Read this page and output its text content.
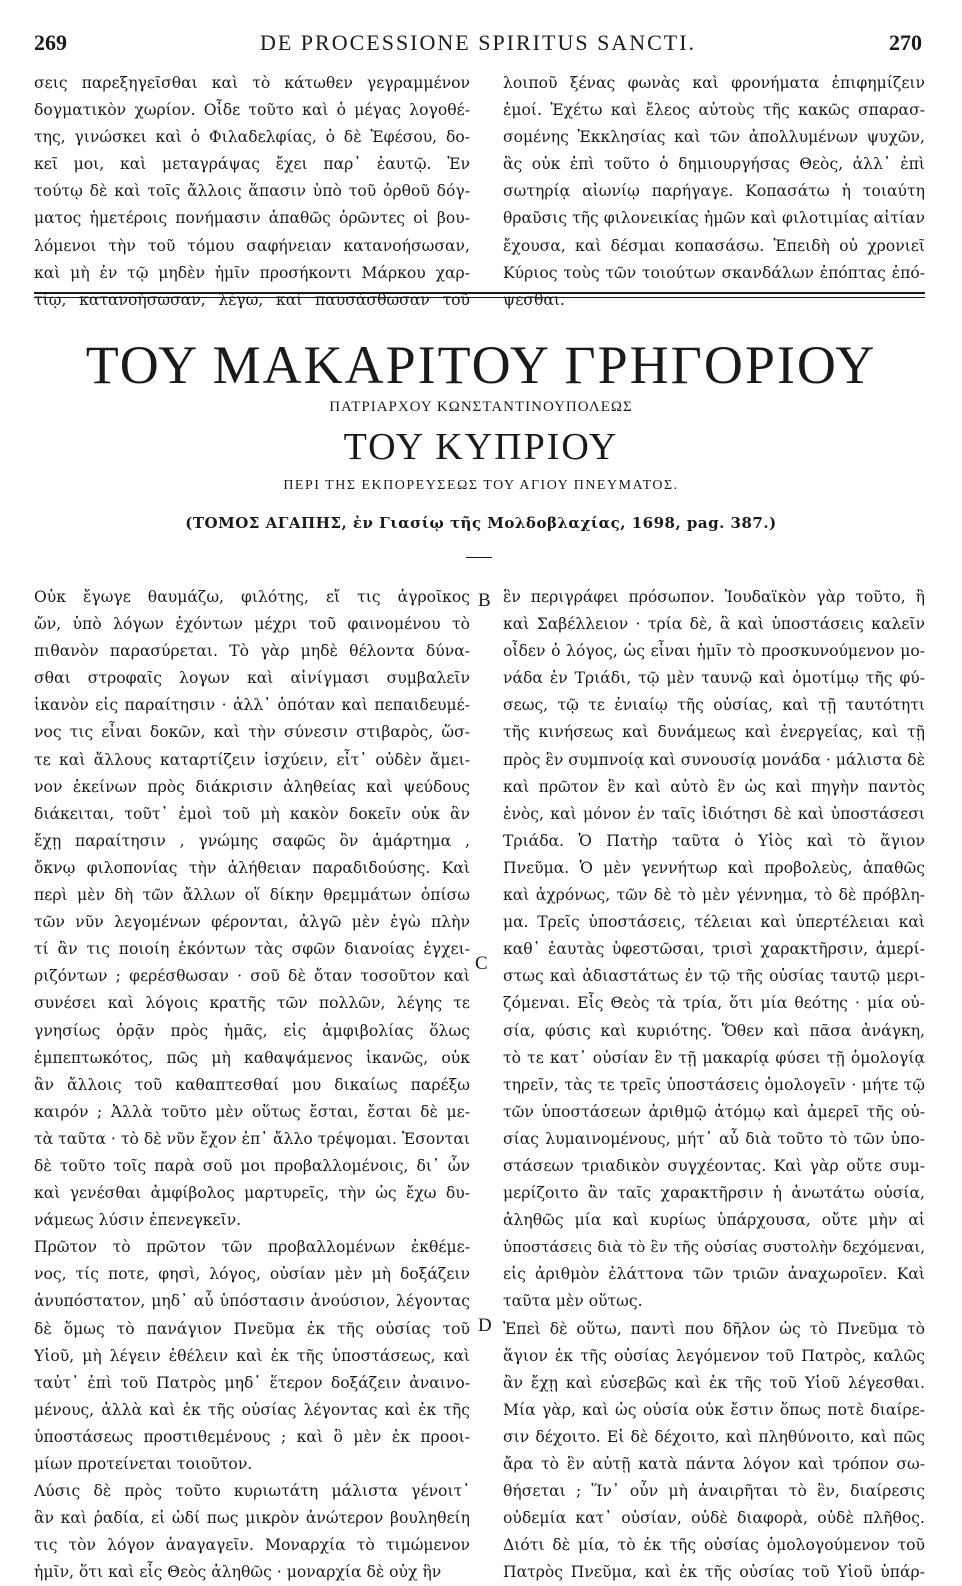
269	DE PROCESSIONE SPIRITUS SANCTI.	270
σεις παρεξηγεῖσθαι καὶ τὸ κάτωθεν γεγραμμένον
δογματικὸν χωρίον. Οἶδε τοῦτο καὶ ὁ μέγας λογοθέ-
της, γινώσκει καὶ ὁ Φιλαδελφίας, ὁ δὲ Ἐφέσου, δο-
κεῖ μοι, καὶ μεταγράψας ἔχει παρ᾽ ἑαυτῷ. Ἐν
τούτῳ δὲ καὶ τοῖς ἄλλοις ἅπασιν ὑπὸ τοῦ ὀρθοῦ δόγ-
ματος ἡμετέροις πονήμασιν ἀπαθῶς ὁρῶντες οἱ βου-
λόμενοι τὴν τοῦ τόμου σαφήνειαν κατανοήσωσαν,
καὶ μὴ ἐν τῷ μηδὲν ἡμῖν προσήκοντι Μάρκου χαρ-
τίῳ, κατανοήσωσαν, λέγω, καὶ παυσάσθωσαν τοῦ
λοιποῦ ξένας φωνὰς καὶ φρονήματα ἐπιφημίζειν
ἐμοί. Ἐχέτω καὶ ἔλεος αὐτοὺς τῆς κακῶς σπαρασ-
σομένης Ἐκκλησίας καὶ τῶν ἀπολλυμένων ψυχῶν,
ἃς οὐκ ἐπὶ τοῦτο ὁ δημιουργήσας Θεὸς, ἀλλ᾽ ἐπὶ
σωτηρίᾳ αἰωνίῳ παρήγαγε. Κοπασάτω ἡ τοιαύτη
θραῦσις τῆς φιλονεικίας ἡμῶν καὶ φιλοτιμίας αἰτίαν
ἔχουσα, καὶ δέσμαι κοπασάσω. Ἐπειδὴ οὐ χρονιεῖ
Κύριος τοὺς τῶν τοιούτων σκανδάλων ἐπόπτας ἐπό-
ψεσθαι.
ΤΟΥ ΜΑΚΑΡΙΤΟΥ ΓΡΗΓΟΡΙΟΥ
ΠΑΤΡΙΑΡΧΟΥ ΚΩΝΣΤΑΝΤΙΝΟΥΠΟΛΕΩΣ
ΤΟΥ ΚΥΠΡΙΟΥ
ΠΕΡΙ ΤΗΣ ΕΚΠΟΡΕΥΣΕΩΣ ΤΟΥ ΑΓΙΟΥ ΠΝΕΥΜΑΤΟΣ.
(ΤΟΜΟΣ ΑΓΑΠΗΣ, ἐν Γιασίῳ τῆς Μολδοβλαχίας, 1698, pag. 387.)
Οὐκ ἔγωγε θαυμάζω, φιλότης, εἴ τις ἀγροῖκος
ὤν, ὑπὸ λόγων ἐχόντων μέχρι τοῦ φαινομένου τὸ
πιθανὸν παρασύρεται. Τὸ γὰρ μηδὲ θέλοντα δύνα-
σθαι στροφαῖς λογων καὶ αἰνίγμασι συμβαλεῖν
ἱκανὸν εἰς παραίτησιν · ἀλλ᾽ ὁπόταν καὶ πεπαιδευμέ-
νος τις εἶναι δοκῶν, καὶ τὴν σύνεσιν στιβαρὸς, ὥσ-
τε καὶ ἄλλους καταρτίζειν ἰσχύειν, εἶτ᾽ οὐδὲν ἄμει-
νον ἐκείνων πρὸς διάκρισιν ἀληθείας καὶ ψεύδους
διάκειται, τοῦτ᾽ ἐμοὶ τοῦ μὴ κακὸν δοκεῖν οὐκ ἂν
ἔχῃ παραίτησιν , γνώμης σαφῶς ὂν ἁμάρτημα ,
ὄκνῳ φιλοπονίας τὴν ἀλήθειαν παραδιδούσης. Καὶ
περὶ μὲν δὴ τῶν ἄλλων οἵ δίκην θρεμμάτων ὀπίσω
τῶν νῦν λεγομένων φέρονται, ἀλγῶ μὲν ἐγὼ πλὴν
τί ἂν τις ποιοίη ἑκόντων τὰς σφῶν διανοίας ἐγχει-
ριζόντων ; φερέσθωσαν · σοῦ δὲ ὄταν τοσοῦτον καὶ
συνέσει καὶ λόγοις κρατῆς τῶν πολλῶν, λέγης τε
γνησίως ὁρᾷν πρὸς ἡμᾶς, εἰς ἀμφιβολίας ὅλως
ἐμπεπτωκότος, πῶς μὴ καθαψάμενος ἱκανῶς, οὐκ
ἂν ἄλλοις τοῦ καθαπτεσθαί μου δικαίως παρέξω
καιρόν ; Ἀλλὰ τοῦτο μὲν οὕτως ἔσται, ἔσται δὲ με-
τὰ ταῦτα · τὸ δὲ νῦν ἔχον ἐπ᾽ ἄλλο τρέψομαι. Ἐσονται
δὲ τοῦτο τοῖς παρὰ σοῦ μοι προβαλλομένοις, δι᾽ ὧν
καὶ γενέσθαι ἀμφίβολος μαρτυρεῖς, τὴν ὡς ἔχω δυ-
νάμεως λύσιν ἐπενεγκεῖν.
Πρῶτον τὸ πρῶτον τῶν προβαλλομένων ἐκθέμε-
νος, τίς ποτε, φησὶ, λόγος, οὐσίαν μὲν μὴ δοξάζειν
ἀνυπόστατον, μηδ᾽ αὖ ὑπόστασιν ἀνούσιον, λέγοντας
δὲ ὅμως τὸ πανάγιον Πνεῦμα ἐκ τῆς οὐσίας τοῦ
Υἱοῦ, μὴ λέγειν ἐθέλειν καὶ ἐκ τῆς ὑποστάσεως, καὶ
ταὐτ᾽ ἐπὶ τοῦ Πατρὸς μηδ᾽ ἕτερον δοξάζειν ἀναινο-
μένους, ἀλλὰ καὶ ἐκ τῆς οὐσίας λέγοντας καὶ ἐκ τῆς
ὑποστάσεως προστιθεμένους ; καὶ ὃ μὲν ἐκ προοι-
μίων προτείνεται τοιοῦτον.
Λύσις δὲ πρὸς τοῦτο κυριωτάτη μάλιστα γένοιτ᾽
ἂν καὶ ῥαδία, εἰ ὡδί πως μικρὸν ἀνώτερον βουληθείη
τις τὸν λόγον ἀναγαγεῖν. Μοναρχία τὸ τιμώμενον
ἡμῖν, ὅτι καὶ εἷς Θεὸς ἀληθῶς · μοναρχία δὲ οὐχ ἣν
ἓν περιγράφει πρόσωπον. Ἰουδαϊκὸν γὰρ τοῦτο, ἢ
καὶ Σαβέλλειον · τρία δὲ, ἃ καὶ ὑποστάσεις καλεῖν
οἶδεν ὁ λόγος, ὡς εἶναι ἡμῖν τὸ προσκυνούμενον μο-
νάδα ἐν Τριάδι, τῷ μὲν ταυνῷ καὶ ὁμοτίμῳ τῆς φύ-
σεως, τῷ τε ἐνιαίῳ τῆς οὐσίας, καὶ τῇ ταυτότητι
τῆς κινήσεως καὶ δυνάμεως καὶ ἐνεργείας, καὶ τῇ
πρὸς ἓν συμπνοίᾳ καὶ συνουσίᾳ μονάδα · μάλιστα δὲ
καὶ πρῶτον ἓν καὶ αὐτὸ ἓν ὡς καὶ πηγὴν παντὸς
ἑνὸς, καὶ μόνον ἐν ταῖς ἰδιότησι δὲ καὶ ὑποστάσεσι
Τριάδα. Ὁ Πατὴρ ταῦτα ὁ Υἱὸς καὶ τὸ ἅγιον
Πνεῦμα. Ὁ μὲν γεννήτωρ καὶ προβολεὺς, ἀπαθῶς
καὶ ἀχρόνως, τῶν δὲ τὸ μὲν γέννημα, τὸ δὲ πρόβλη-
μα. Τρεῖς ὑποστάσεις, τέλειαι καὶ ὑπερτέλειαι καὶ
καθ᾽ ἑαυτὰς ὑφεστῶσαι, τρισὶ χαρακτῆρσιν, ἀμερί-
στως καὶ ἀδιαστάτως ἐν τῷ τῆς οὐσίας ταυτῷ μερι-
ζόμεναι. Εἷς Θεὸς τὰ τρία, ὅτι μία θεότης · μία οὐ-
σία, φύσις καὶ κυριότης. Ὅθεν καὶ πᾶσα ἀνάγκη,
τὸ τε κατ᾽ οὐσίαν ἓν τῇ μακαρίᾳ φύσει τῇ ὁμολογίᾳ
τηρεῖν, τὰς τε τρεῖς ὑποστάσεις ὁμολογεῖν · μήτε τῷ
τῶν ὑποστάσεων ἀριθμῷ ἀτόμῳ καὶ ἀμερεῖ τῆς οὐ-
σίας λυμαινομένους, μήτ᾽ αὖ διὰ τοῦτο τὸ τῶν ὑπο-
στάσεων τριαδικὸν συγχέοντας. Καὶ γὰρ οὔτε συμ-
μερίζοιτο ἂν ταῖς χαρακτῆρσιν ἡ ἀνωτάτω οὐσία,
ἀληθῶς μία καὶ κυρίως ὑπάρχουσα, οὔτε μὴν αἱ
ὑποστάσεις διὰ τὸ ἓν τῆς οὐσίας συστολὴν δεχόμεναι,
εἰς ἀριθμὸν ἐλάττονα τῶν τριῶν ἀναχωροῖεν. Καὶ
ταῦτα μὲν οὕτως.
Ἐπεὶ δὲ οὕτω, παντὶ που δῆλον ὡς τὸ Πνεῦμα τὸ
ἅγιον ἐκ τῆς οὐσίας λεγόμενον τοῦ Πατρὸς, καλῶς
ἂν ἔχῃ καὶ εὐσεβῶς καὶ ἐκ τῆς τοῦ Υἱοῦ λέγεσθαι.
Μία γὰρ, καὶ ὡς οὐσία οὐκ ἔστιν ὅπως ποτὲ διαίρε-
σιν δέχοιτο. Εἰ δὲ δέχοιτο, καὶ πληθύνοιτο, καὶ πῶς
ἄρα τὸ ἓν αὐτῇ κατὰ πάντα λόγον καὶ τρόπον σω-
θήσεται ; Ἵν᾽ οὖν μὴ ἀναιρῆται τὸ ἓν, διαίρεσις
οὐδεμία κατ᾽ οὐσίαν, οὐδὲ διαφορὰ, οὐδὲ πλῆθος.
Διότι δὲ μία, τὸ ἐκ τῆς οὐσίας ὁμολογούμενον τοῦ
Πατρὸς Πνεῦμα, καὶ ἐκ τῆς οὐσίας τοῦ Υἱοῦ ὑπάρ-
B
C
D
